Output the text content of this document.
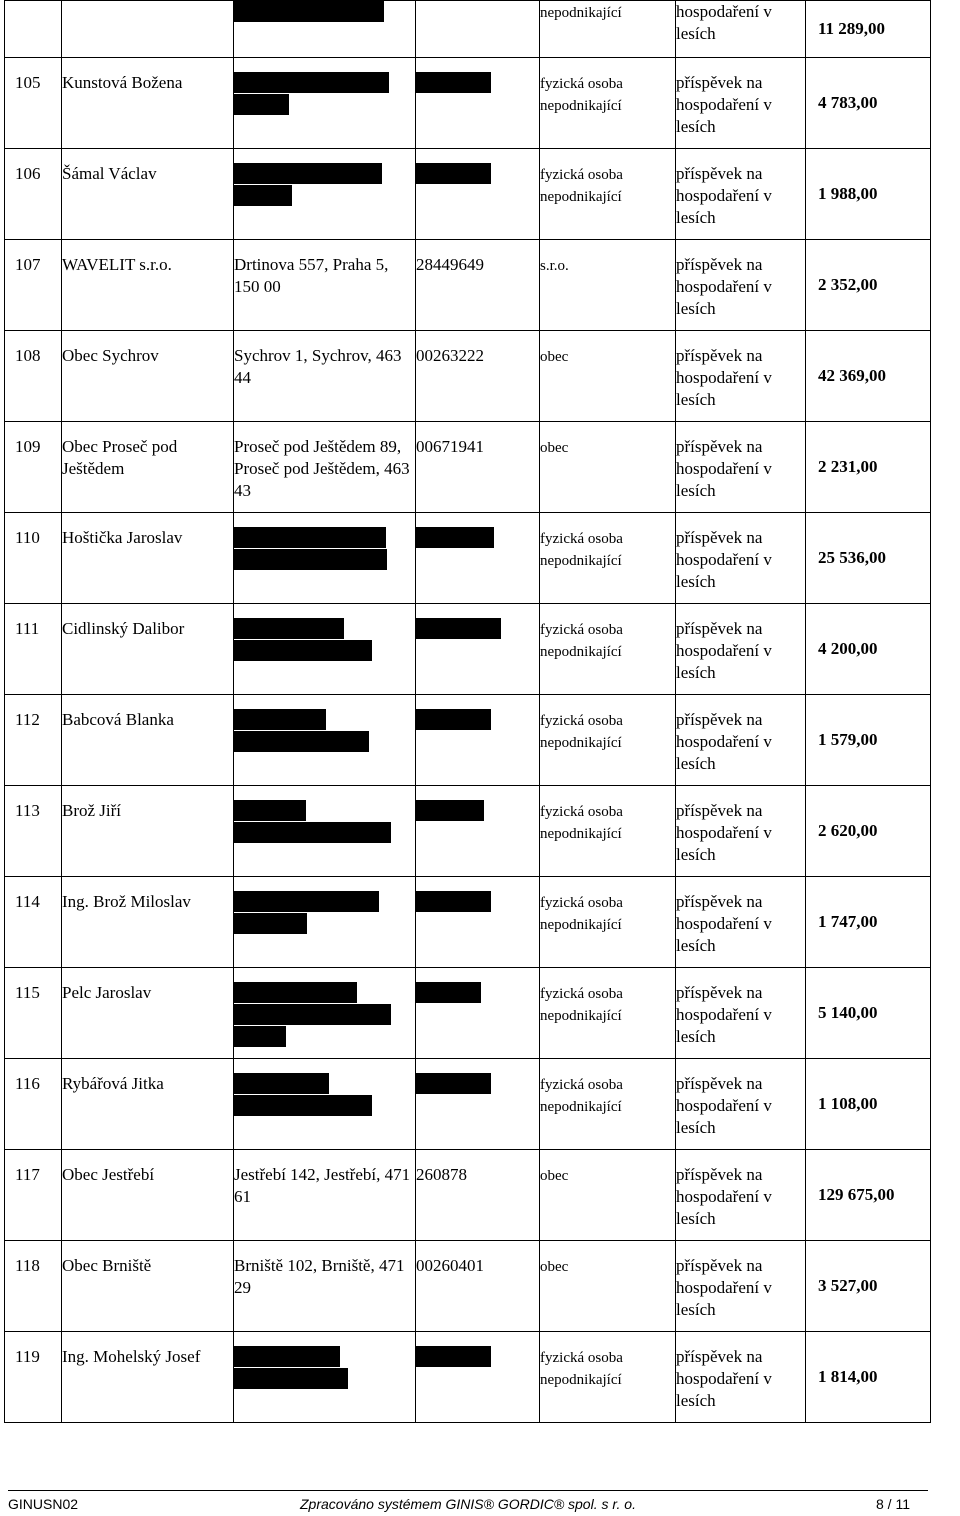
		nepodnikající	hospodaření v lesích	11 289,00
105	Kunstová Božena			fyzická osoba nepodnikající	příspěvek na hospodaření v lesích	4 783,00
106	Šámal Václav			fyzická osoba nepodnikající	příspěvek na hospodaření v lesích	1 988,00
107	WAVELIT s.r.o.	Drtinova 557, Praha 5, 150 00	28449649	s.r.o.	příspěvek na hospodaření v lesích	2 352,00
108	Obec Sychrov	Sychrov 1, Sychrov, 463 44	00263222	obec	příspěvek na hospodaření v lesích	42 369,00
109	Obec Proseč pod Ještědem	Proseč pod Ještědem 89, Proseč pod Ještědem, 463 43	00671941	obec	příspěvek na hospodaření v lesích	2 231,00
110	Hoštička Jaroslav			fyzická osoba nepodnikající	příspěvek na hospodaření v lesích	25 536,00
111	Cidlinský Dalibor			fyzická osoba nepodnikající	příspěvek na hospodaření v lesích	4 200,00
112	Babcová Blanka			fyzická osoba nepodnikající	příspěvek na hospodaření v lesích	1 579,00
113	Brož Jiří			fyzická osoba nepodnikající	příspěvek na hospodaření v lesích	2 620,00
114	Ing. Brož Miloslav			fyzická osoba nepodnikající	příspěvek na hospodaření v lesích	1 747,00
115	Pelc Jaroslav			fyzická osoba nepodnikající	příspěvek na hospodaření v lesích	5 140,00
116	Rybářová Jitka			fyzická osoba nepodnikající	příspěvek na hospodaření v lesích	1 108,00
117	Obec Jestřebí	Jestřebí 142, Jestřebí, 471 61	260878	obec	příspěvek na hospodaření v lesích	129 675,00
118	Obec Brniště	Brniště 102, Brniště, 471 29	00260401	obec	příspěvek na hospodaření v lesích	3 527,00
119	Ing. Mohelský Josef			fyzická osoba nepodnikající	příspěvek na hospodaření v lesích	1 814,00
GINUSN02	Zpracováno systémem GINIS® GORDIC® spol. s r. o.	8 / 11
